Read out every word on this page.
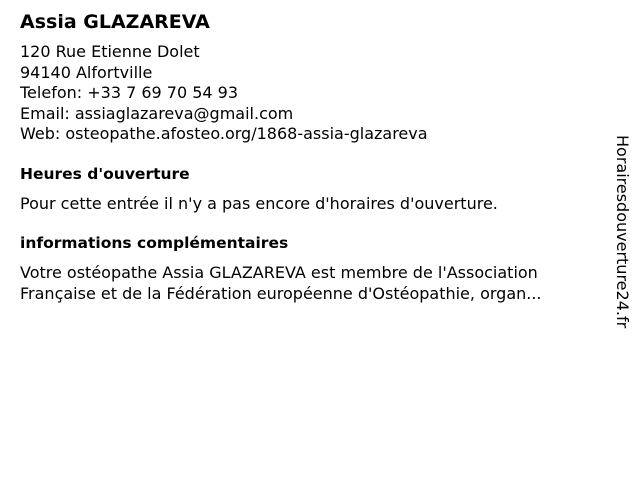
Assia GLAZAREVA
120 Rue Etienne Dolet
94140 Alfortville
Telefon: +33 7 69 70 54 93
Email: assiaglazareva@gmail.com
Web: osteopathe.afosteo.org/1868-assia-glazareva
Heures d'ouverture
Pour cette entrée il n'y a pas encore d'horaires d'ouverture.
informations complémentaires
Votre ostéopathe Assia GLAZAREVA est membre de l'Association
Française et de la Fédération européenne d'Ostéopathie, organ...	Horairesdouverture24.fr
